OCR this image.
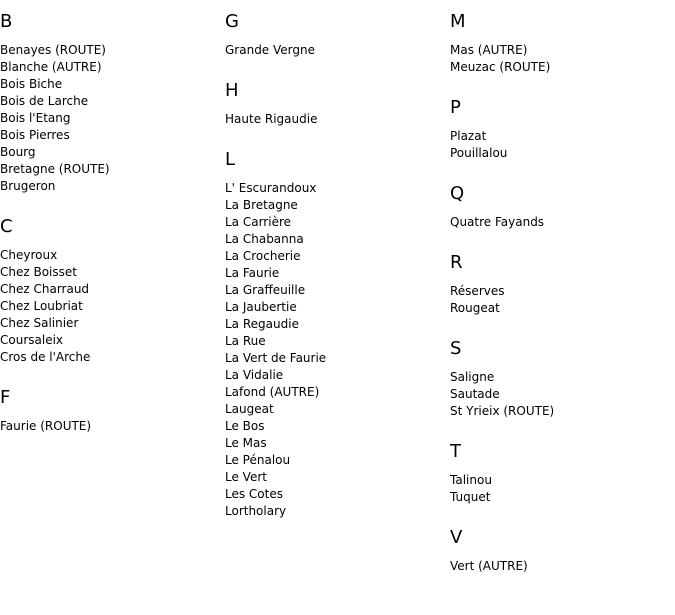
B
Benayes (ROUTE)
Blanche (AUTRE)
Bois Biche
Bois de Larche
Bois l'Etang
Bois Pierres
Bourg
Bretagne (ROUTE)
Brugeron
C
Cheyroux
Chez Boisset
Chez Charraud
Chez Loubriat
Chez Salinier
Coursaleix
Cros de l'Arche
F
Faurie (ROUTE)
G
Grande Vergne
H
Haute Rigaudie
L
L' Escurandoux
La Bretagne
La Carrière
La Chabanna
La Crocherie
La Faurie
La Graffeuille
La Jaubertie
La Regaudie
La Rue
La Vert de Faurie
La Vidalie
Lafond (AUTRE)
Laugeat
Le Bos
Le Mas
Le Pénalou
Le Vert
Les Cotes
Lortholary
M
Mas (AUTRE)
Meuzac (ROUTE)
P
Plazat
Pouillalou
Q
Quatre Fayands
R
Réserves
Rougeat
S
Saligne
Sautade
St Yrieix (ROUTE)
T
Talinou
Tuquet
V
Vert (AUTRE)
